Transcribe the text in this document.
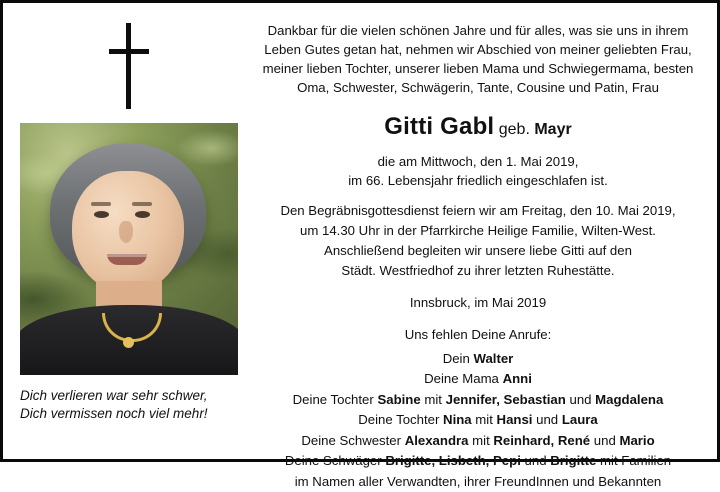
Dich verlieren war sehr schwer,
Dich vermissen noch viel mehr!

Dankbar für die vielen schönen Jahre und für alles, was sie uns in ihrem Leben Gutes getan hat, nehmen wir Abschied von meiner geliebten Frau, meiner lieben Tochter, unserer lieben Mama und Schwiegermama, besten Oma, Schwester, Schwägerin, Tante, Cousine und Patin, Frau

Gitti Gabl geb. Mayr

die am Mittwoch, den 1. Mai 2019,
im 66. Lebensjahr friedlich eingeschlafen ist.

Den Begräbnisgottesdienst feiern wir am Freitag, den 10. Mai 2019,
um 14.30 Uhr in der Pfarrkirche Heilige Familie, Wilten-West.
Anschließend begleiten wir unsere liebe Gitti auf den
Städt. Westfriedhof zu ihrer letzten Ruhestätte.

Innsbruck, im Mai 2019

Uns fehlen Deine Anrufe:

Dein Walter
Deine Mama Anni
Deine Tochter Sabine mit Jennifer, Sebastian und Magdalena
Deine Tochter Nina mit Hansi und Laura
Deine Schwester Alexandra mit Reinhard, René und Mario
Deine Schwäger Brigitte, Lisbeth, Pepi und Brigitte mit Familien
im Namen aller Verwandten, ihrer FreundInnen und Bekannten
